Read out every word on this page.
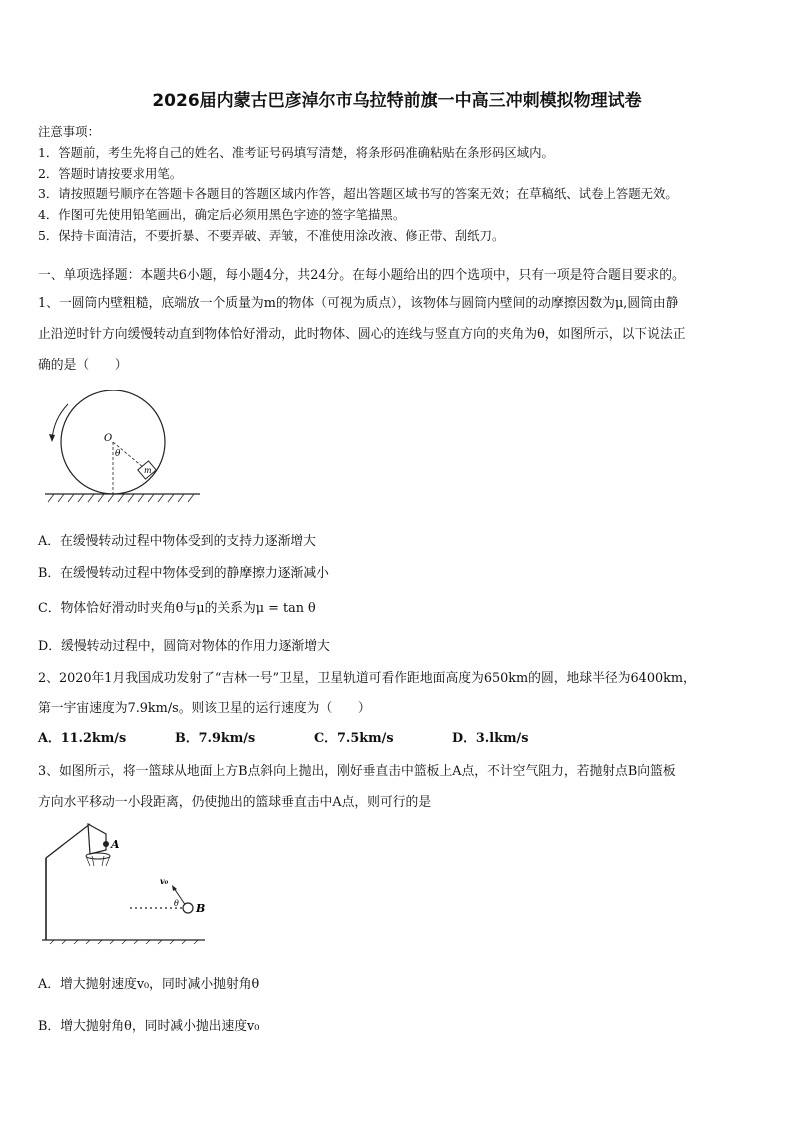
2026届内蒙古巴彦淖尔市乌拉特前旗一中高三冲刺模拟物理试卷
注意事项：
1．答题前，考生先将自己的姓名、准考证号码填写清楚，将条形码准确粘贴在条形码区域内。
2．答题时请按要求用笔。
3．请按照题号顺序在答题卡各题目的答题区域内作答，超出答题区域书写的答案无效；在草稿纸、试卷上答题无效。
4．作图可先使用铅笔画出，确定后必须用黑色字迹的签字笔描黑。
5．保持卡面清洁，不要折暴、不要弄破、弄皱，不准使用涂改液、修正带、刮纸刀。
一、单项选择题：本题共6小题，每小题4分，共24分。在每小题给出的四个选项中，只有一项是符合题目要求的。
1、一圆筒内壁粗糙，底端放一个质量为m的物体（可视为质点），该物体与圆筒内壁间的动摩擦因数为μ,圆筒由静
止沿逆时针方向缓慢转动直到物体恰好滑动，此时物体、圆心的连线与竖直方向的夹角为θ，如图所示，以下说法正
确的是（　　）
O
θ
m
A．在缓慢转动过程中物体受到的支持力逐渐增大
B．在缓慢转动过程中物体受到的静摩擦力逐渐减小
C．物体恰好滑动时夹角θ与μ的关系为μ = tan θ
D．缓慢转动过程中，圆筒对物体的作用力逐渐增大
2、2020年1月我国成功发射了“吉林一号”卫星，卫星轨道可看作距地面高度为650km的圆，地球半径为6400km，
第一宇宙速度为7.9km/s。则该卫星的运行速度为（　　）
A．11.2km/s	B．7.9km/s	C．7.5km/s	D．3.lkm/s
3、如图所示，将一篮球从地面上方B点斜向上抛出，刚好垂直击中篮板上A点，不计空气阻力，若抛射点B向篮板
方向水平移动一小段距离，仍使抛出的篮球垂直击中A点，则可行的是
A
v₀
θ B
A．增大抛射速度v₀，同时减小抛射角θ
B．增大抛射角θ，同时减小抛出速度v₀
